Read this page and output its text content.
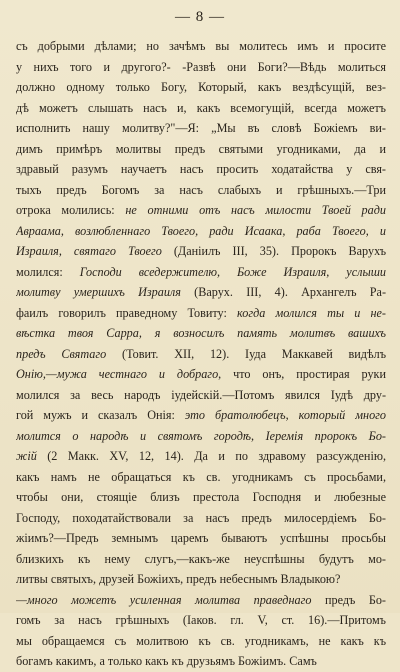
— 8 —
съ добрыми дѣлами; но зачѣмъ вы молитесь имъ и просите
у нихъ того и другого?- -Развѣ они Боги?—Вѣдь молиться
должно одному только Богу, Который, какъ вездѣсущій, вез-
дѣ можетъ слышать насъ и, какъ всемогущій, всегда можетъ
исполнить нашу молитву?"—Я: „Мы въ словѣ Божіемъ ви-
димъ примѣръ молитвы предъ святыми угодниками, да и
здравый разумъ научаетъ насъ просить ходатайства у свя-
тыхъ предъ Богомъ за насъ слабыхъ и грѣшныхъ.—Три
отрока молились: не отними отъ насъ милости Твоей ради
Авраама, возлюбленнаго Твоего, ради Исаака, раба Твоего, и
Израиля, святаго Твоего (Даніилъ III, 35). Пророкъ Варухъ
молился: Господи вседержителю, Боже Израиля, услыши
молитву умершихъ Израиля (Варух. III, 4). Архангелъ Ра-
фаилъ говорилъ праведному Товиту: когда молился ты и не-
вѣстка твоя Сарра, я возносилъ память молитвъ вашихъ
предъ Святаго (Товит. XII, 12). Іуда Маккавей видѣлъ
Онію,—мужа честнаго и добраго, что онъ, простирая руки
молился за весь народъ іудейскій.—Потомъ явился Іудѣ дру-
гой мужъ и сказалъ Онія: это братолюбецъ, который много
молится о народѣ и святомъ городѣ, Іеремія пророкъ Бо-
жій (2 Макк. XV, 12, 14). Да и по здравому разсужденію,
какъ намъ не обращаться къ св. угодникамъ съ просьбами,
чтобы они, стоящіе близъ престола Господня и любезные
Господу, походатайствовали за насъ предъ милосердіемъ Бо-
жіимъ?—Предъ земнымъ царемъ бываютъ успѣшны просьбы
близкихъ къ нему слугъ,—какъ-же неуспѣшны будутъ мо-
литвы святыхъ, друзей Божіихъ, предъ небеснымъ Владыкою?
—много можетъ усиленная молитва праведнаго предъ Бо-
гомъ за насъ грѣшныхъ (Іаков. гл. V, ст. 16).—Притомъ
мы обращаемся съ молитвою къ св. угодникамъ, не какъ къ
богамъ какимъ, а только какъ къ друзьямъ Божіимъ. Самъ
